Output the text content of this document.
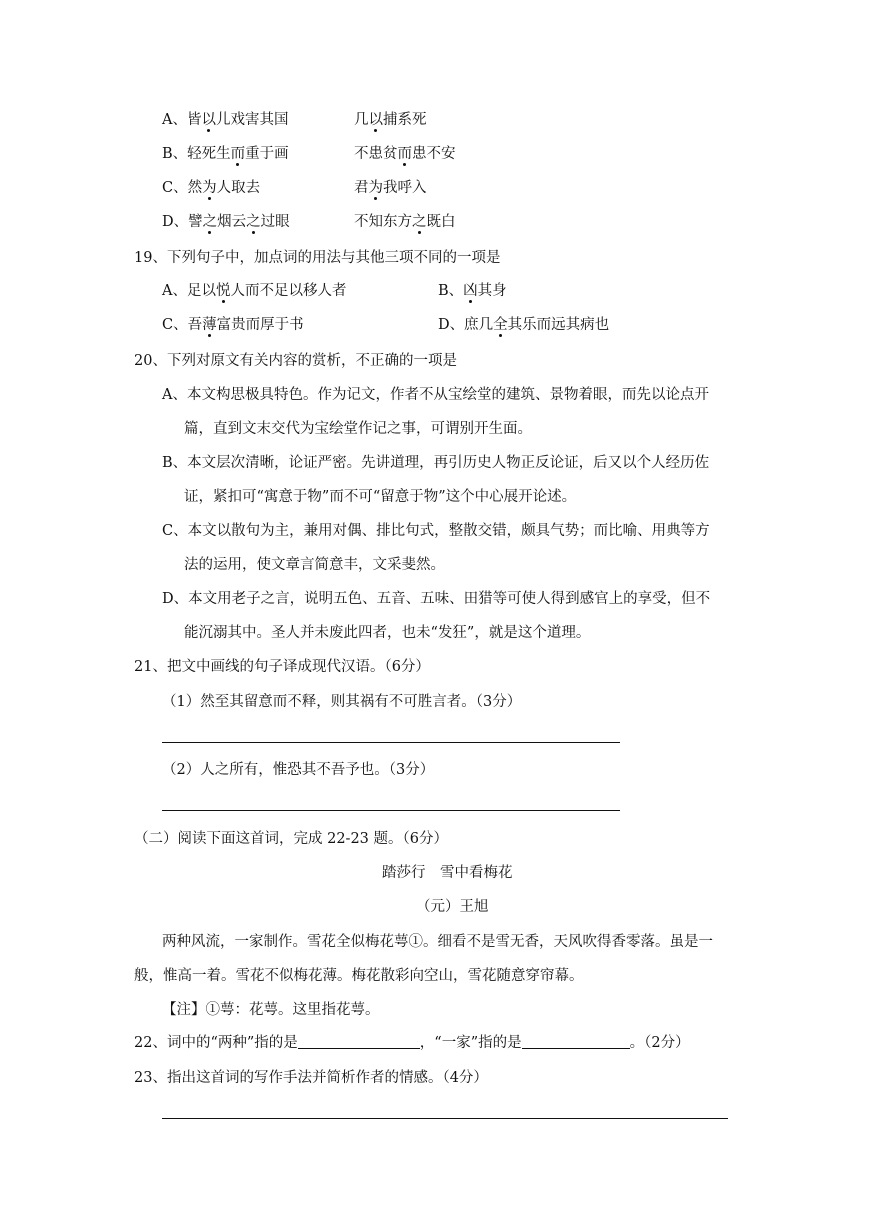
A、皆以儿戏害其国	几以捕系死
B、轻死生而重于画	不患贫而患不安
C、然为人取去	君为我呼入
D、譬之烟云之过眼	不知东方之既白
19、下列句子中，加点词的用法与其他三项不同的一项是
A、足以悦人而不足以移人者	B、凶其身
C、吾薄富贵而厚于书	D、庶几全其乐而远其病也
20、下列对原文有关内容的赏析，不正确的一项是
A、本文构思极具特色。作为记文，作者不从宝绘堂的建筑、景物着眼，而先以论点开
篇，直到文末交代为宝绘堂作记之事，可谓别开生面。
B、本文层次清晰，论证严密。先讲道理，再引历史人物正反论证，后又以个人经历佐
证，紧扣可“寓意于物”而不可“留意于物”这个中心展开论述。
C、本文以散句为主，兼用对偶、排比句式，整散交错，颇具气势；而比喻、用典等方
法的运用，使文章言简意丰，文采斐然。
D、本文用老子之言，说明五色、五音、五味、田猎等可使人得到感官上的享受，但不
能沉溺其中。圣人并未废此四者，也未“发狂”，就是这个道理。
21、把文中画线的句子译成现代汉语。（6分）
（1）然至其留意而不释，则其祸有不可胜言者。（3分）
（2）人之所有，惟恐其不吾予也。（3分）
（二）阅读下面这首词，完成 22-23 题。（6分）
踏莎行　雪中看梅花
（元）王旭
两种风流，一家制作。雪花全似梅花萼①。细看不是雪无香，天风吹得香零落。虽是一
般，惟高一着。雪花不似梅花薄。梅花散彩向空山，雪花随意穿帘幕。
【注】①萼：花萼。这里指花萼。
22、词中的“两种”指的是	，“一家”指的是	。（2分）
23、指出这首词的写作手法并简析作者的情感。（4分）
